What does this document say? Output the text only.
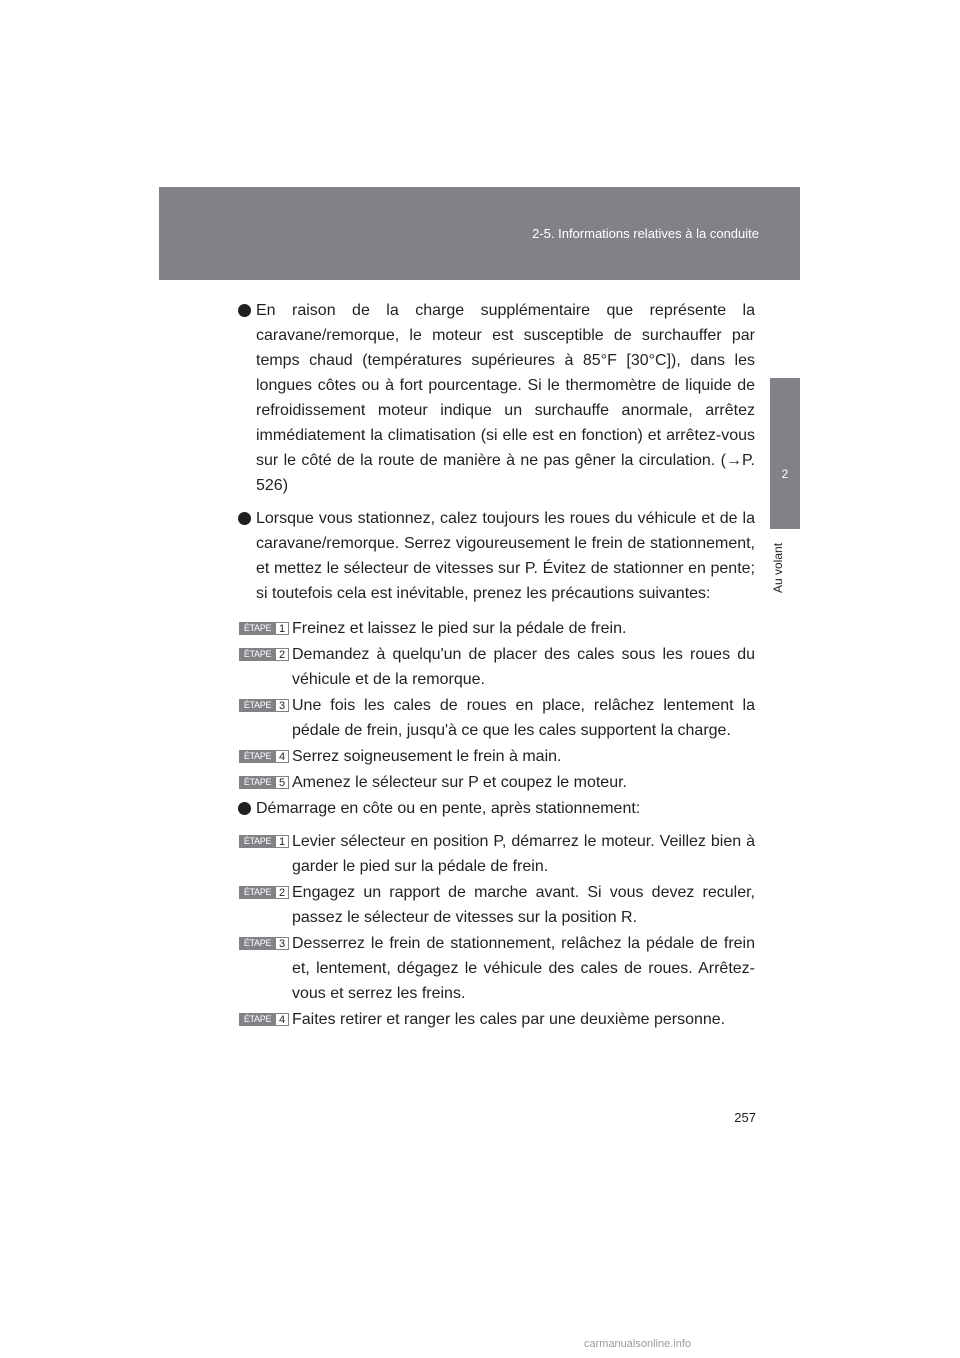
2-5. Informations relatives à la conduite
2
Au volant
En raison de la charge supplémentaire que représente la caravane/remorque, le moteur est susceptible de surchauffer par temps chaud (températures supérieures à 85°F [30°C]), dans les longues côtes ou à fort pourcentage. Si le thermomètre de liquide de refroidissement moteur indique un surchauffe anormale, arrêtez immédiatement la climatisation (si elle est en fonction) et arrêtez-vous sur le côté de la route de manière à ne pas gêner la circulation. (→P. 526)
Lorsque vous stationnez, calez toujours les roues du véhicule et de la caravane/remorque. Serrez vigoureusement le frein de stationnement, et mettez le sélecteur de vitesses sur P. Évitez de stationner en pente; si toutefois cela est inévitable, prenez les précautions suivantes:
ÉTAPE 1 Freinez et laissez le pied sur la pédale de frein.
ÉTAPE 2 Demandez à quelqu'un de placer des cales sous les roues du véhicule et de la remorque.
ÉTAPE 3 Une fois les cales de roues en place, relâchez lentement la pédale de frein, jusqu'à ce que les cales supportent la charge.
ÉTAPE 4 Serrez soigneusement le frein à main.
ÉTAPE 5 Amenez le sélecteur sur P et coupez le moteur.
Démarrage en côte ou en pente, après stationnement:
ÉTAPE 1 Levier sélecteur en position P, démarrez le moteur. Veillez bien à garder le pied sur la pédale de frein.
ÉTAPE 2 Engagez un rapport de marche avant. Si vous devez reculer, passez le sélecteur de vitesses sur la position R.
ÉTAPE 3 Desserrez le frein de stationnement, relâchez la pédale de frein et, lentement, dégagez le véhicule des cales de roues. Arrêtez-vous et serrez les freins.
ÉTAPE 4 Faites retirer et ranger les cales par une deuxième personne.
257
carmanualsonline.info
